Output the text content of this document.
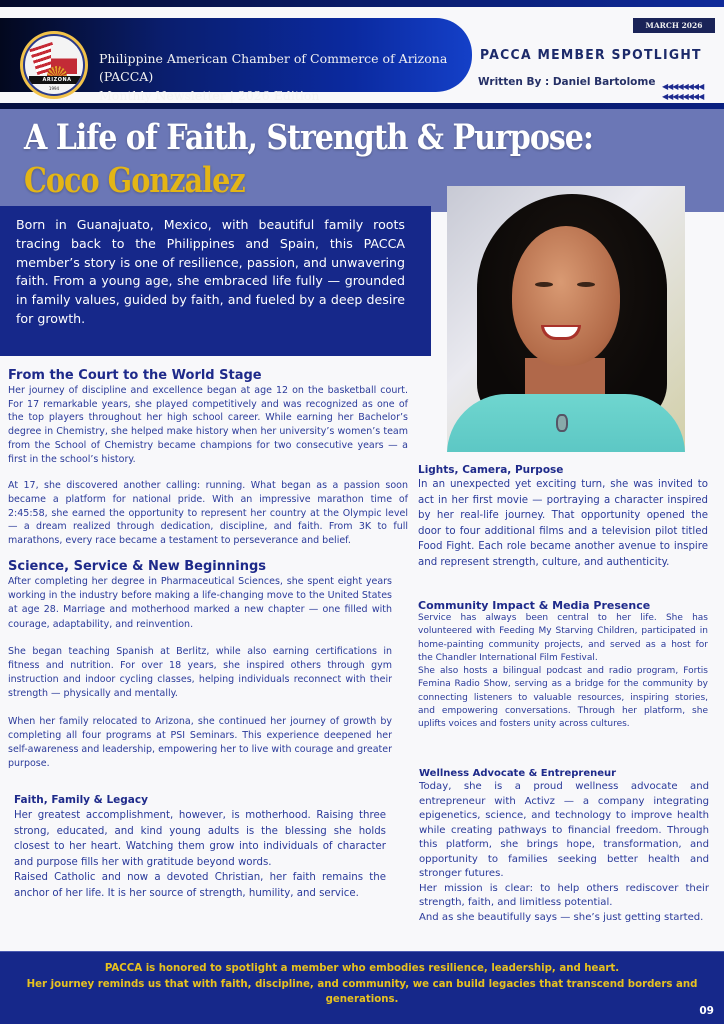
ARIZONA
1994
Philippine American Chamber of Commerce of Arizona (PACCA)
Monthly Newsletter | 2026 Edition
MARCH 2026
PACCA MEMBER SPOTLIGHT
Written By : Daniel Bartolome ◀◀◀◀◀◀◀◀
◀◀◀◀◀◀◀◀
A Life of Faith, Strength & Purpose:
Coco Gonzalez

Born in Guanajuato, Mexico, with beautiful family roots tracing back to the Philippines and Spain, this PACCA member’s story is one of resilience, passion, and unwavering faith. From a young age, she embraced life fully — grounded in family values, guided by faith, and fueled by a deep desire for growth.

From the Court to the World Stage

Her journey of discipline and excellence began at age 12 on the basketball court. For 17 remarkable years, she played competitively and was recognized as one of the top players throughout her high school career. While earning her Bachelor’s degree in Chemistry, she helped make history when her university’s women’s team from the School of Chemistry became champions for two consecutive years — a first in the school’s history.

At 17, she discovered another calling: running. What began as a passion soon became a platform for national pride. With an impressive marathon time of 2:45:58, she earned the opportunity to represent her country at the Olympic level — a dream realized through dedication, discipline, and faith. From 3K to full marathons, every race became a testament to perseverance and belief.

Science, Service & New Beginnings

After completing her degree in Pharmaceutical Sciences, she spent eight years working in the industry before making a life-changing move to the United States at age 28. Marriage and motherhood marked a new chapter — one filled with courage, adaptability, and reinvention.

She began teaching Spanish at Berlitz, while also earning certifications in fitness and nutrition. For over 18 years, she inspired others through gym instruction and indoor cycling classes, helping individuals reconnect with their strength — physically and mentally.

When her family relocated to Arizona, she continued her journey of growth by completing all four programs at PSI Seminars. This experience deepened her self-awareness and leadership, empowering her to live with courage and greater purpose.

Faith, Family & Legacy

Her greatest accomplishment, however, is motherhood. Raising three strong, educated, and kind young adults is the blessing she holds closest to her heart. Watching them grow into individuals of character and purpose fills her with gratitude beyond words.

Raised Catholic and now a devoted Christian, her faith remains the anchor of her life. It is her source of strength, humility, and service.

Lights, Camera, Purpose

In an unexpected yet exciting turn, she was invited to act in her first movie — portraying a character inspired by her real-life journey. That opportunity opened the door to four additional films and a television pilot titled Food Fight. Each role became another avenue to inspire and represent strength, culture, and authenticity.

Community Impact & Media Presence

Service has always been central to her life. She has volunteered with Feeding My Starving Children, participated in home-painting community projects, and served as a host for the Chandler International Film Festival.

She also hosts a bilingual podcast and radio program, Fortis Femina Radio Show, serving as a bridge for the community by connecting listeners to valuable resources, inspiring stories, and empowering conversations. Through her platform, she uplifts voices and fosters unity across cultures.

Wellness Advocate & Entrepreneur

Today, she is a proud wellness advocate and entrepreneur with Activz — a company integrating epigenetics, science, and technology to improve health while creating pathways to financial freedom. Through this platform, she brings hope, transformation, and opportunity to families seeking better health and stronger futures.

Her mission is clear: to help others rediscover their strength, faith, and limitless potential.

And as she beautifully says — she’s just getting started.

PACCA is honored to spotlight a member who embodies resilience, leadership, and heart.
Her journey reminds us that with faith, discipline, and community, we can build legacies that transcend borders and generations.
09
